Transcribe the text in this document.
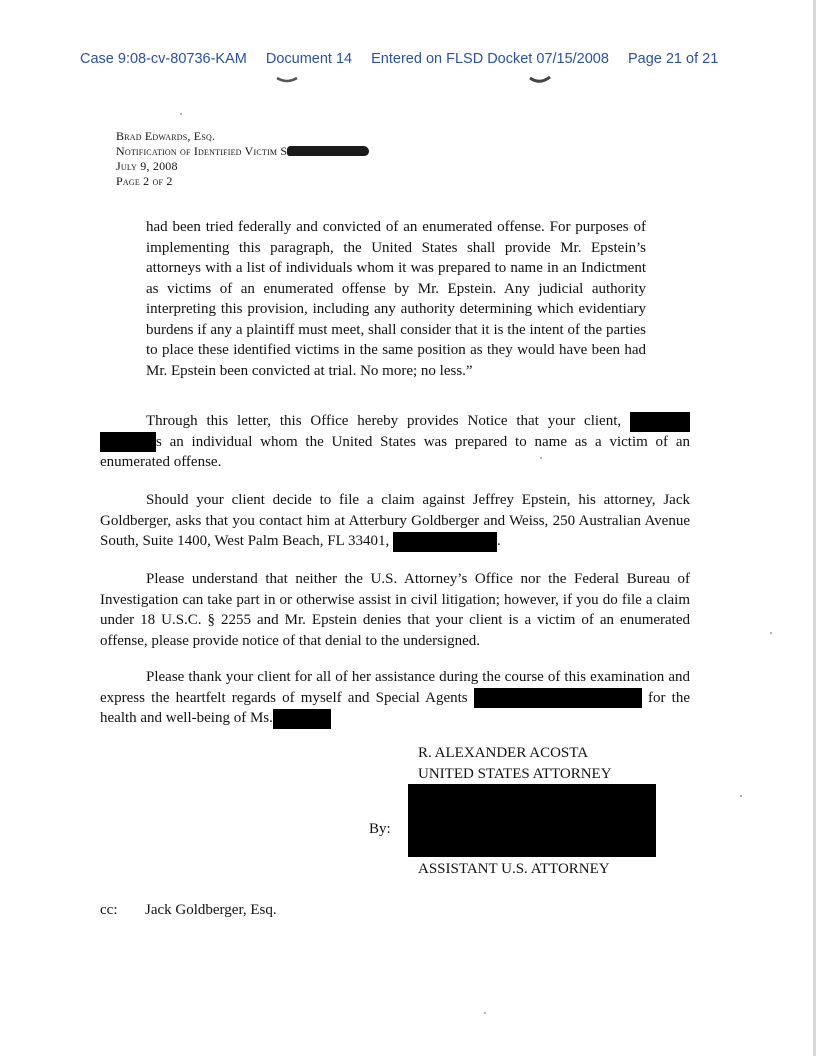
Case 9:08-cv-80736-KAM Document 14 Entered on FLSD Docket 07/15/2008 Page 21 of 21
Brad Edwards, Esq.
Notification of Identified Victim S
July 9, 2008
Page 2 of 2
had been tried federally and convicted of an enumerated offense. For purposes of implementing this paragraph, the United States shall provide Mr. Epstein’s attorneys with a list of individuals whom it was prepared to name in an Indictment as victims of an enumerated offense by Mr. Epstein. Any judicial authority interpreting this provision, including any authority determining which evidentiary burdens if any a plaintiff must meet, shall consider that it is the intent of the parties to place these identified victims in the same position as they would have been had Mr. Epstein been convicted at trial. No more; no less.”

Through this letter, this Office hereby provides Notice that your client,  s an individual whom the United States was prepared to name as a victim of an enumerated offense.

Should your client decide to file a claim against Jeffrey Epstein, his attorney, Jack Goldberger, asks that you contact him at Atterbury Goldberger and Weiss, 250 Australian Avenue South, Suite 1400, West Palm Beach, FL 33401,	.

Please understand that neither the U.S. Attorney’s Office nor the Federal Bureau of Investigation can take part in or otherwise assist in civil litigation; however, if you do file a claim under 18 U.S.C. § 2255 and Mr. Epstein denies that your client is a victim of an enumerated offense, please provide notice of that denial to the undersigned.

Please thank your client for all of her assistance during the course of this examination and express the heartfelt regards of myself and Special Agents	for the health and well-being of Ms.

R. ALEXANDER ACOSTA
UNITED STATES ATTORNEY
By:
ASSISTANT U.S. ATTORNEY
cc: Jack Goldberger, Esq.
